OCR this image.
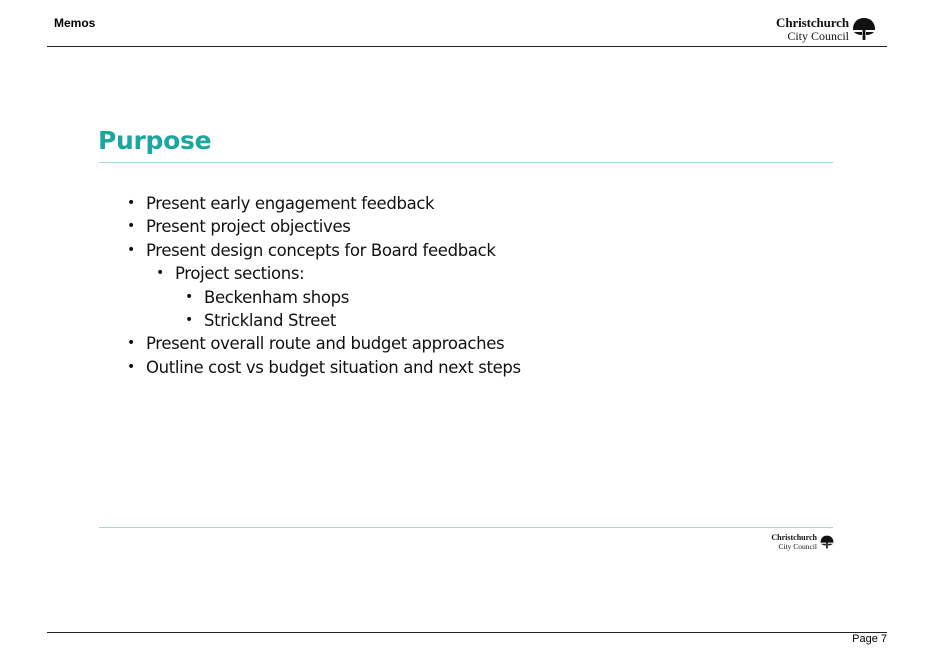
Memos	Christchurch
City Council
Purpose
• Present early engagement feedback
• Present project objectives
• Present design concepts for Board feedback
• Project sections:
• Beckenham shops
• Strickland Street
• Present overall route and budget approaches
• Outline cost vs budget situation and next steps
Christchurch
City Council
Page 7
